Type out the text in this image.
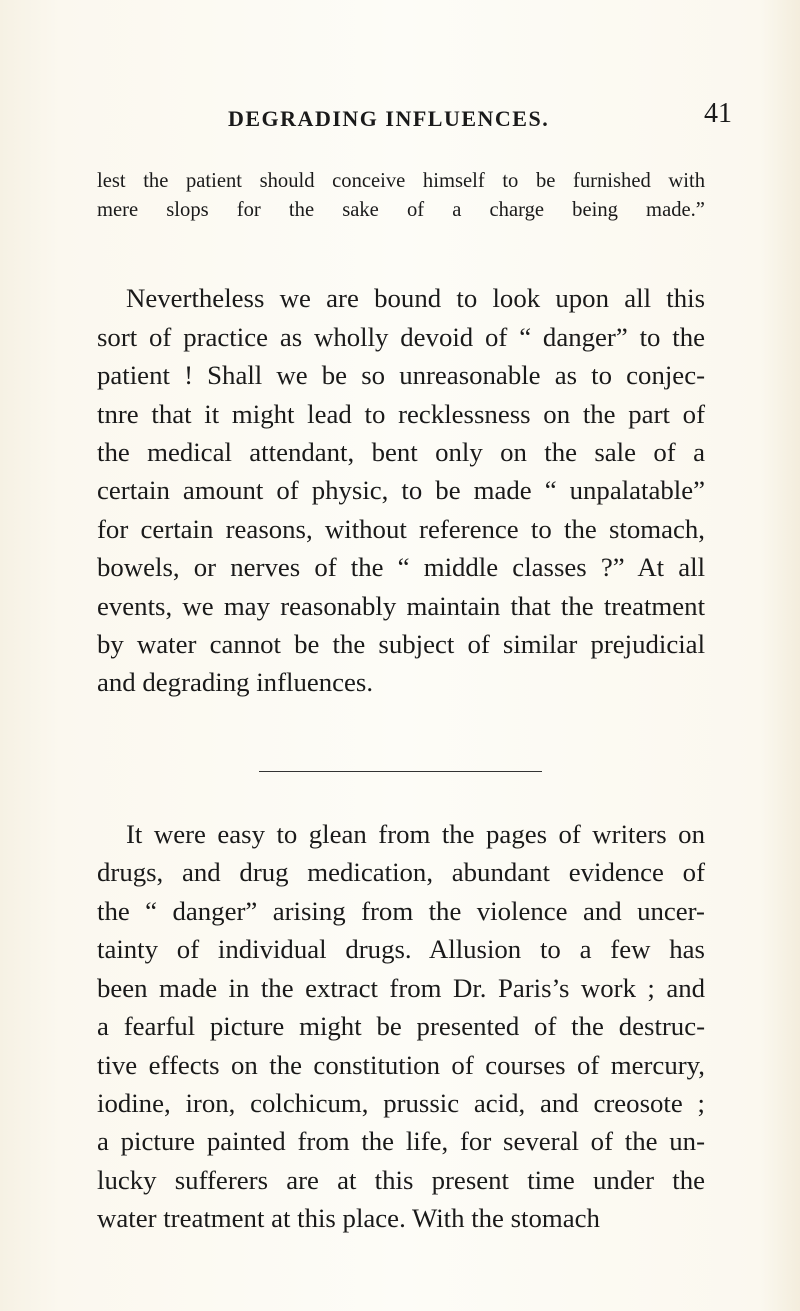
DEGRADING INFLUENCES.	41
lest the patient should conceive himself to be furnished with
mere slops for the sake of a charge being made.”
Nevertheless we are bound to look upon all this
sort of practice as wholly devoid of “ danger” to the
patient ! Shall we be so unreasonable as to conjec-
tnre that it might lead to recklessness on the part of
the medical attendant, bent only on the sale of a
certain amount of physic, to be made “ unpalatable”
for certain reasons, without reference to the stomach,
bowels, or nerves of the “ middle classes ?” At all
events, we may reasonably maintain that the treatment
by water cannot be the subject of similar prejudicial
and degrading influences.
It were easy to glean from the pages of writers on
drugs, and drug medication, abundant evidence of
the “ danger” arising from the violence and uncer-
tainty of individual drugs. Allusion to a few has
been made in the extract from Dr. Paris’s work ; and
a fearful picture might be presented of the destruc-
tive effects on the constitution of courses of mercury,
iodine, iron, colchicum, prussic acid, and creosote ;
a picture painted from the life, for several of the un-
lucky sufferers are at this present time under the
water treatment at this place. With the stomach
